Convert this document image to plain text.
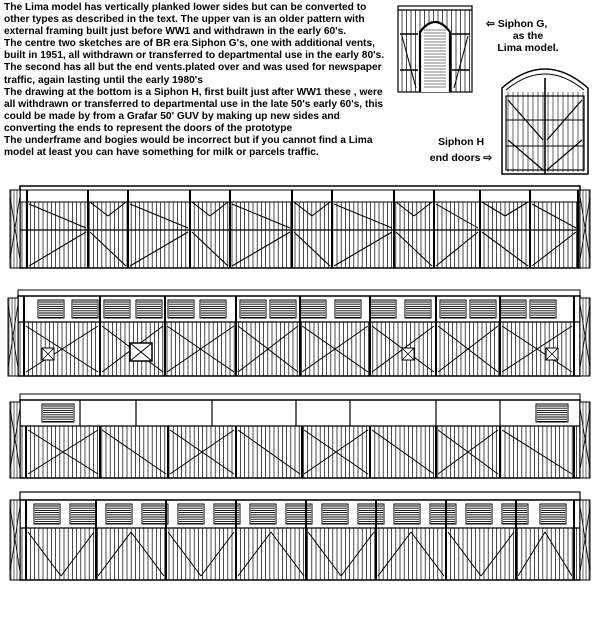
The Lima model has vertically planked lower sides but can be converted to other types as described in the text. The upper van is an older pattern with external framing built just before WW1 and withdrawn in the early 60's.

The centre two sketches are of BR era Siphon G's, one with additional vents, built in 1951, all withdrawn or transferred to departmental use in the early 80's. The second has all but the end vents.plated over and was used for newspaper traffic, again lasting until the early 1980's

The drawing at the bottom is a Siphon H, first built just after WW1 these , were all withdrawn or transferred to departmental use in the late 50's early 60's, this could be made by from a Grafar 50' GUV by making up new sides and converting the ends to represent the doors of the prototype

The underframe and bogies would be incorrect but if you cannot find a Lima model at least you can have something for milk or parcels traffic.

⇦ Siphon G,
as the
Lima model.
Siphon H
end doors ⇨
